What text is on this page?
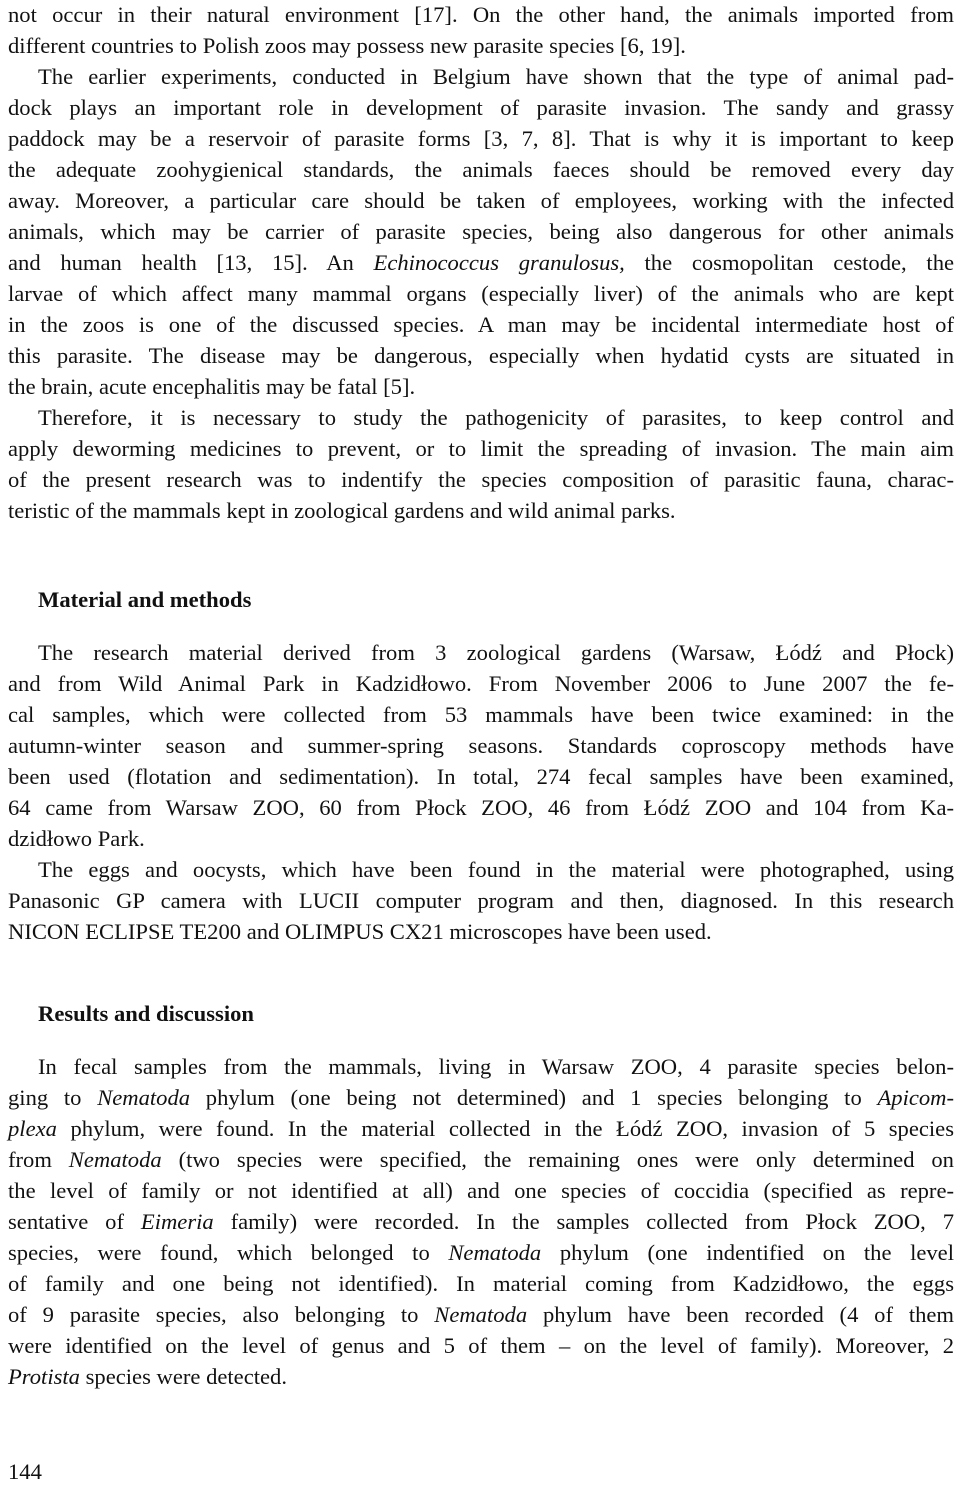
not occur in their natural environment [17]. On the other hand, the animals imported from
different countries to Polish zoos may possess new parasite species [6, 19].
The earlier experiments, conducted in Belgium have shown that the type of animal pad-
dock plays an important role in development of parasite invasion. The sandy and grassy
paddock may be a reservoir of parasite forms [3, 7, 8]. That is why it is important to keep
the adequate zoohygienical standards, the animals faeces should be removed every day
away. Moreover, a particular care should be taken of employees, working with the infected
animals, which may be carrier of parasite species, being also dangerous for other animals
and human health [13, 15]. An Echinococcus granulosus, the cosmopolitan cestode, the
larvae of which affect many mammal organs (especially liver) of the animals who are kept
in the zoos is one of the discussed species. A man may be incidental intermediate host of
this parasite. The disease may be dangerous, especially when hydatid cysts are situated in
the brain, acute encephalitis may be fatal [5].
Therefore, it is necessary to study the pathogenicity of parasites, to keep control and
apply deworming medicines to prevent, or to limit the spreading of invasion. The main aim
of the present research was to indentify the species composition of parasitic fauna, charac-
teristic of the mammals kept in zoological gardens and wild animal parks.
Material and methods
The research material derived from 3 zoological gardens (Warsaw, Łódź and Płock)
and from Wild Animal Park in Kadzidłowo. From November 2006 to June 2007 the fe-
cal samples, which were collected from 53 mammals have been twice examined: in the
autumn-winter season and summer-spring seasons. Standards coproscopy methods have
been used (flotation and sedimentation). In total, 274 fecal samples have been examined,
64 came from Warsaw ZOO, 60 from Płock ZOO, 46 from Łódź ZOO and 104 from Ka-
dzidłowo Park.
The eggs and oocysts, which have been found in the material were photographed, using
Panasonic GP camera with LUCII computer program and then, diagnosed. In this research
NICON ECLIPSE TE200 and OLIMPUS CX21 microscopes have been used.
Results and discussion
In fecal samples from the mammals, living in Warsaw ZOO, 4 parasite species belon-
ging to Nematoda phylum (one being not determined) and 1 species belonging to Apicom-
plexa phylum, were found. In the material collected in the Łódź ZOO, invasion of 5 species
from Nematoda (two species were specified, the remaining ones were only determined on
the level of family or not identified at all) and one species of coccidia (specified as repre-
sentative of Eimeria family) were recorded. In the samples collected from Płock ZOO, 7
species, were found, which belonged to Nematoda phylum (one indentified on the level
of family and one being not identified). In material coming from Kadzidłowo, the eggs
of 9 parasite species, also belonging to Nematoda phylum have been recorded (4 of them
were identified on the level of genus and 5 of them – on the level of family). Moreover, 2
Protista species were detected.
144
